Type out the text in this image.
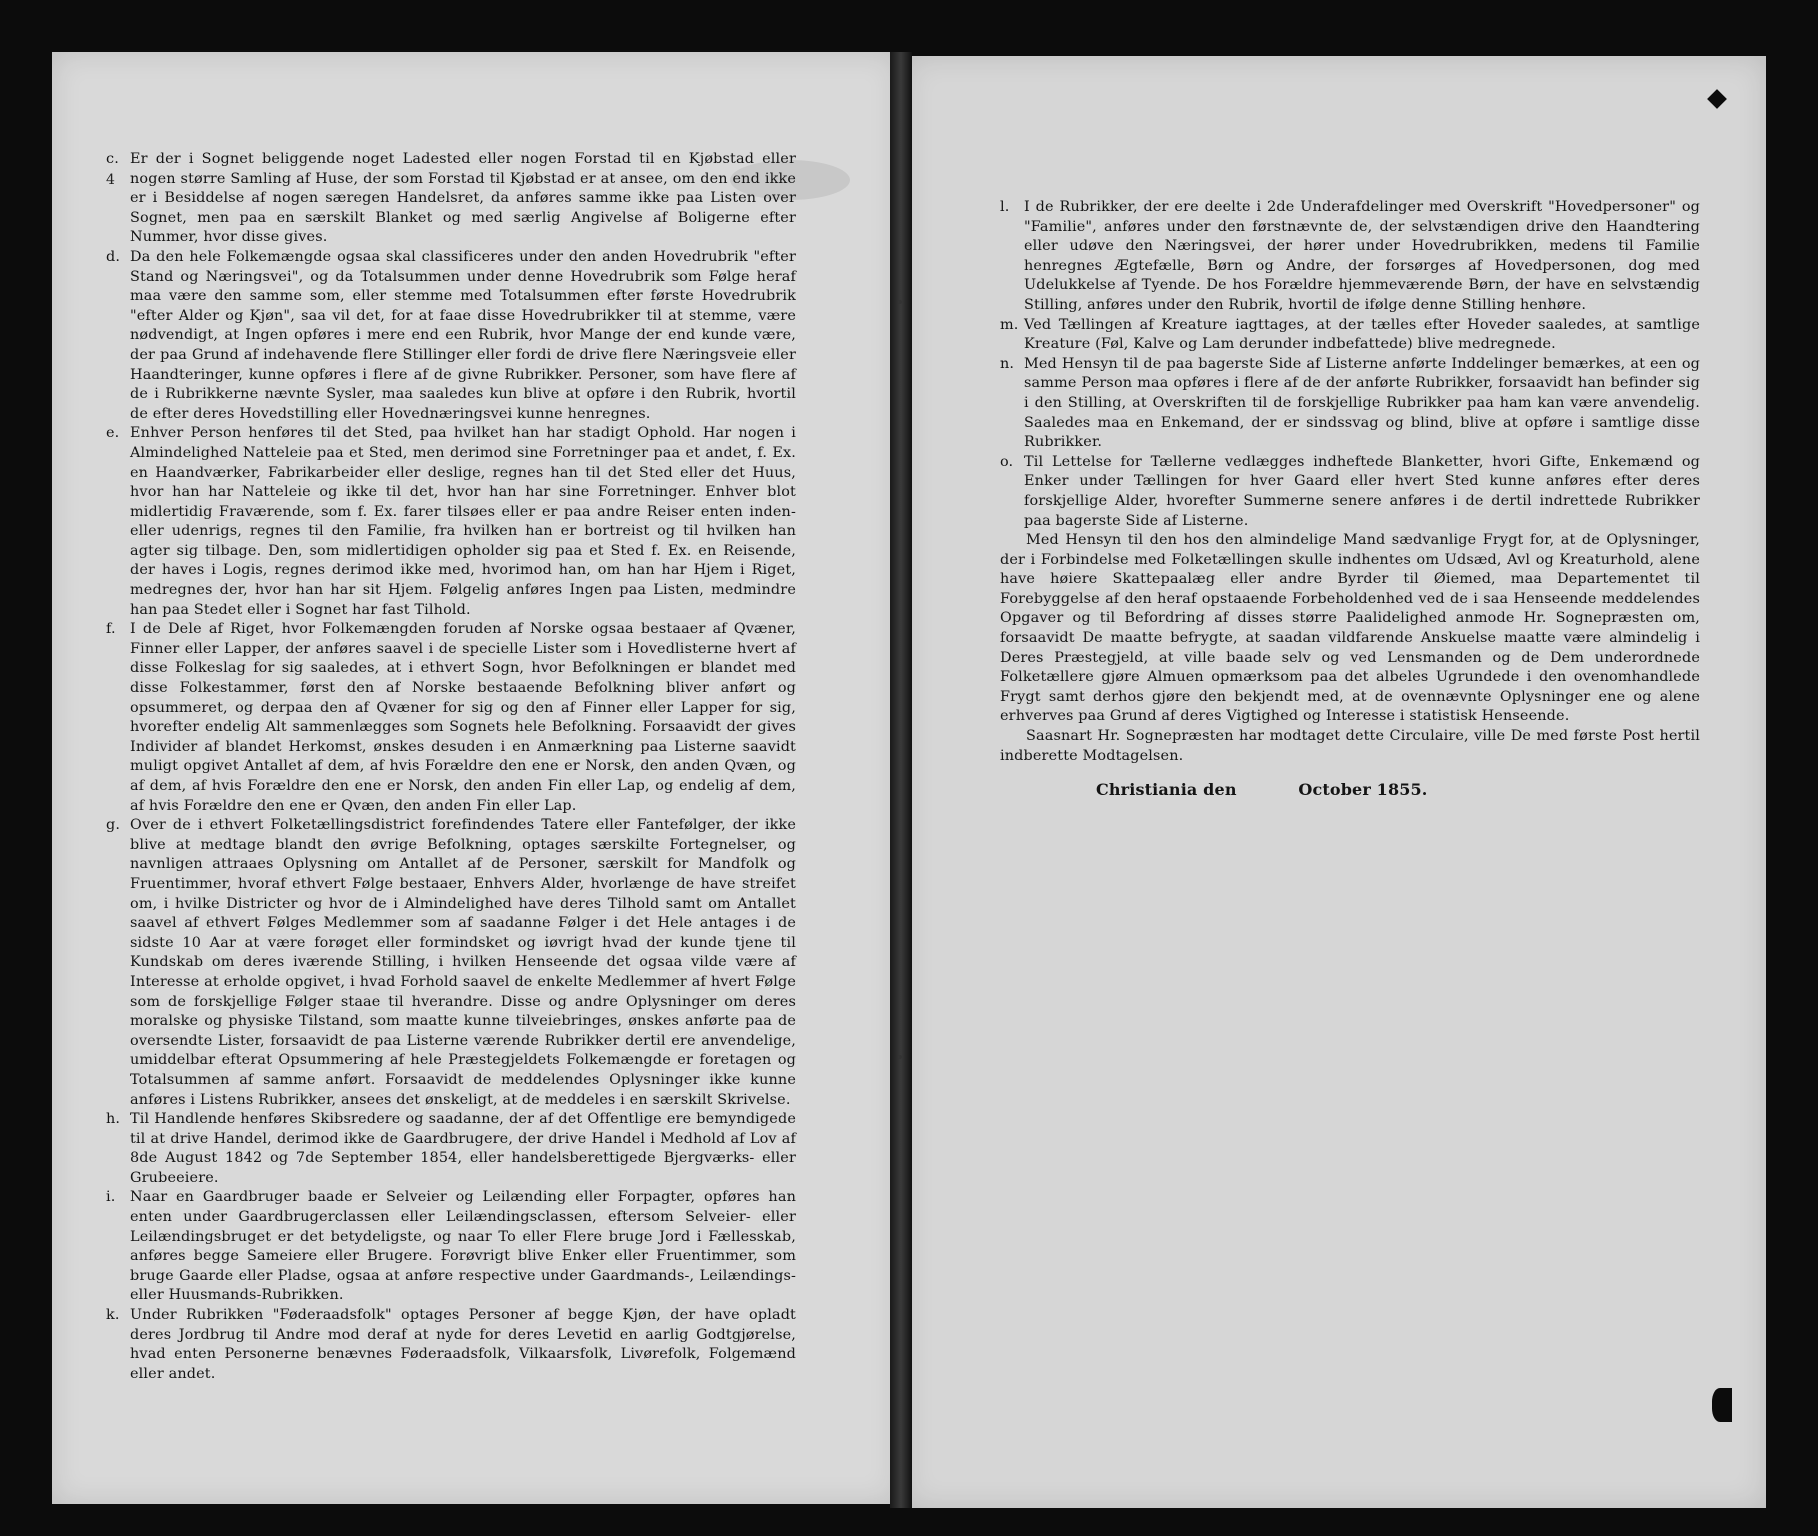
4

c. Er der i Sognet beliggende noget Ladested eller nogen Forstad til en Kjøbstad eller nogen større Samling af Huse, der som Forstad til Kjøbstad er at ansee, om den end ikke er i Besiddelse af nogen særegen Handelsret, da anføres samme ikke paa Listen over Sognet, men paa en særskilt Blanket og med særlig Angivelse af Boligerne efter Nummer, hvor disse gives.

d. Da den hele Folkemængde ogsaa skal classificeres under den anden Hovedrubrik "efter Stand og Næringsvei", og da Totalsummen under denne Hovedrubrik som Følge heraf maa være den samme som, eller stemme med Totalsummen efter første Hovedrubrik "efter Alder og Kjøn", saa vil det, for at faae disse Hovedrubrikker til at stemme, være nødvendigt, at Ingen opføres i mere end een Rubrik, hvor Mange der end kunde være, der paa Grund af indehavende flere Stillinger eller fordi de drive flere Næringsveie eller Haandteringer, kunne opføres i flere af de givne Rubrikker. Personer, som have flere af de i Rubrikkerne nævnte Sysler, maa saaledes kun blive at opføre i den Rubrik, hvortil de efter deres Hovedstilling eller Hovednæringsvei kunne henregnes.

e. Enhver Person henføres til det Sted, paa hvilket han har stadigt Ophold. Har nogen i Almindelighed Natteleie paa et Sted, men derimod sine Forretninger paa et andet, f. Ex. en Haandværker, Fabrikarbeider eller deslige, regnes han til det Sted eller det Huus, hvor han har Natteleie og ikke til det, hvor han har sine Forretninger. Enhver blot midlertidig Fraværende, som f. Ex. farer tilsøes eller er paa andre Reiser enten inden- eller udenrigs, regnes til den Familie, fra hvilken han er bortreist og til hvilken han agter sig tilbage. Den, som midlertidigen opholder sig paa et Sted f. Ex. en Reisende, der haves i Logis, regnes derimod ikke med, hvorimod han, om han har Hjem i Riget, medregnes der, hvor han har sit Hjem. Følgelig anføres Ingen paa Listen, medmindre han paa Stedet eller i Sognet har fast Tilhold.

f. I de Dele af Riget, hvor Folkemængden foruden af Norske ogsaa bestaaer af Qvæner, Finner eller Lapper, der anføres saavel i de specielle Lister som i Hovedlisterne hvert af disse Folkeslag for sig saaledes, at i ethvert Sogn, hvor Befolkningen er blandet med disse Folkestammer, først den af Norske bestaaende Befolkning bliver anført og opsummeret, og derpaa den af Qvæner for sig og den af Finner eller Lapper for sig, hvorefter endelig Alt sammenlægges som Sognets hele Befolkning. Forsaavidt der gives Individer af blandet Herkomst, ønskes desuden i en Anmærkning paa Listerne saavidt muligt opgivet Antallet af dem, af hvis Forældre den ene er Norsk, den anden Qvæn, og af dem, af hvis Forældre den ene er Norsk, den anden Fin eller Lap, og endelig af dem, af hvis Forældre den ene er Qvæn, den anden Fin eller Lap.

g. Over de i ethvert Folketællingsdistrict forefindendes Tatere eller Fantefølger, der ikke blive at medtage blandt den øvrige Befolkning, optages særskilte Fortegnelser, og navnligen attraaes Oplysning om Antallet af de Personer, særskilt for Mandfolk og Fruentimmer, hvoraf ethvert Følge bestaaer, Enhvers Alder, hvorlænge de have streifet om, i hvilke Districter og hvor de i Almindelighed have deres Tilhold samt om Antallet saavel af ethvert Følges Medlemmer som af saadanne Følger i det Hele antages i de sidste 10 Aar at være forøget eller formindsket og iøvrigt hvad der kunde tjene til Kundskab om deres iværende Stilling, i hvilken Henseende det ogsaa vilde være af Interesse at erholde opgivet, i hvad Forhold saavel de enkelte Medlemmer af hvert Følge som de forskjellige Følger staae til hverandre. Disse og andre Oplysninger om deres moralske og physiske Tilstand, som maatte kunne tilveiebringes, ønskes anførte paa de oversendte Lister, forsaavidt de paa Listerne værende Rubrikker dertil ere anvendelige, umiddelbar efterat Opsummering af hele Præstegjeldets Folkemængde er foretagen og Totalsummen af samme anført. Forsaavidt de meddelendes Oplysninger ikke kunne anføres i Listens Rubrikker, ansees det ønskeligt, at de meddeles i en særskilt Skrivelse.

h. Til Handlende henføres Skibsredere og saadanne, der af det Offentlige ere bemyndigede til at drive Handel, derimod ikke de Gaardbrugere, der drive Handel i Medhold af Lov af 8de August 1842 og 7de September 1854, eller handelsberettigede Bjergværks- eller Grubeeiere.

i. Naar en Gaardbruger baade er Selveier og Leilænding eller Forpagter, opføres han enten under Gaardbrugerclassen eller Leilændingsclassen, eftersom Selveier- eller Leilændingsbruget er det betydeligste, og naar To eller Flere bruge Jord i Fællesskab, anføres begge Sameiere eller Brugere. Forøvrigt blive Enker eller Fruentimmer, som bruge Gaarde eller Pladse, ogsaa at anføre respective under Gaardmands-, Leilændings- eller Huusmands-Rubrikken.

k. Under Rubrikken "Føderaadsfolk" optages Personer af begge Kjøn, der have opladt deres Jordbrug til Andre mod deraf at nyde for deres Levetid en aarlig Godtgjørelse, hvad enten Personerne benævnes Føderaadsfolk, Vilkaarsfolk, Livørefolk, Folgemænd eller andet.

l. I de Rubrikker, der ere deelte i 2de Underafdelinger med Overskrift "Hovedpersoner" og "Familie", anføres under den førstnævnte de, der selvstændigen drive den Haandtering eller udøve den Næringsvei, der hører under Hovedrubrikken, medens til Familie henregnes Ægtefælle, Børn og Andre, der forsørges af Hovedpersonen, dog med Udelukkelse af Tyende. De hos Forældre hjemmeværende Børn, der have en selvstændig Stilling, anføres under den Rubrik, hvortil de ifølge denne Stilling henhøre.

m. Ved Tællingen af Kreature iagttages, at der tælles efter Hoveder saaledes, at samtlige Kreature (Føl, Kalve og Lam derunder indbefattede) blive medregnede.

n. Med Hensyn til de paa bagerste Side af Listerne anførte Inddelinger bemærkes, at een og samme Person maa opføres i flere af de der anførte Rubrikker, forsaavidt han befinder sig i den Stilling, at Overskriften til de forskjellige Rubrikker paa ham kan være anvendelig. Saaledes maa en Enkemand, der er sindssvag og blind, blive at opføre i samtlige disse Rubrikker.

o. Til Lettelse for Tællerne vedlægges indheftede Blanketter, hvori Gifte, Enkemænd og Enker under Tællingen for hver Gaard eller hvert Sted kunne anføres efter deres forskjellige Alder, hvorefter Summerne senere anføres i de dertil indrettede Rubrikker paa bagerste Side af Listerne.

Med Hensyn til den hos den almindelige Mand sædvanlige Frygt for, at de Oplysninger, der i Forbindelse med Folketællingen skulle indhentes om Udsæd, Avl og Kreaturhold, alene have høiere Skattepaalæg eller andre Byrder til Øiemed, maa Departementet til Forebyggelse af den heraf opstaaende Forbeholdenhed ved de i saa Henseende meddelendes Opgaver og til Befordring af disses større Paalidelighed anmode Hr. Sognepræsten om, forsaavidt De maatte befrygte, at saadan vildfarende Anskuelse maatte være almindelig i Deres Præstegjeld, at ville baade selv og ved Lensmanden og de Dem underordnede Folketællere gjøre Almuen opmærksom paa det albeles Ugrundede i den ovenomhandlede Frygt samt derhos gjøre den bekjendt med, at de ovennævnte Oplysninger ene og alene erhverves paa Grund af deres Vigtighed og Interesse i statistisk Henseende.

Saasnart Hr. Sognepræsten har modtaget dette Circulaire, ville De med første Post hertil indberette Modtagelsen.

Christiania den	October 1855.
